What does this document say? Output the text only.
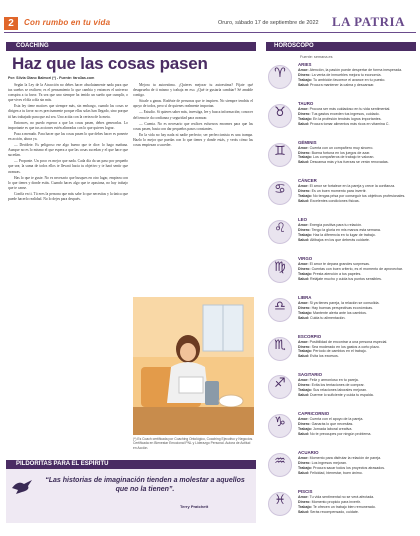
2	Con rumbo en tu vida	Oruro, sábado 17 de septiembre de 2022 LA PATRIA
COACHING
Haz que las cosas pasen
Por: Silvia Olano Balmori (*) - Fuente: faro3as.com

Según la Ley de la Atracción no debes hacer absolutamente nada para que tus sueños se realicen; es el pensamiento lo que cambia y entonces el universo conspira a tu favor. Ya sea que uno siempre ha tenido un sueño que cumplir, o que vives el día a día sin más.

Esta ley tiene matices que siempre más, sin embargo, cuando las cosas se dirigen a tu favor no es precisamente porque ellas solas han llegado, sino porque tú has trabajado para que así sea. Uno actúa con la certeza de la meta.

Entonces, no puedo esperar a que las cosas pasen, debes generarlas. Lo importante es que tus acciones estén alineadas con lo que quieres lograr.

Pasa a menudo. Para hacer que las cosas pasen lo que debes hacer es ponerte en acción, ahora ya.

— Decídete. Es peligroso ese algo bueno que te dice: lo hago mañana. Aunque no es lo mismo el que espera a que las cosas sucedan y el que hace que sucedan.

— Proponte. Un poco es mejor que nada. Cada día da un paso por pequeño que sea; la suma de todos ellos te llevará hacia tu objetivo y te hará sentir que avanzas.

Has lo que te guste. No es necesario que busques en otro lugar, empieza con lo que tienes y donde estás. Cuando haces algo que te apasiona, no hay trabajo que te canse.

Confía en ti. Tú eres la persona que más sabe lo que necesitas y la única que puede hacerlo realidad. No lo dejes para después.

Mejora tu autoestima. ¿Quieres mejorar tu autoestima? Fíjate qué desaprueba de ti mismo y trabaja en eso. ¿Qué te gustaría cambiar? Sé amable contigo.

Sácale a ganas. Rodéate de personas que te inspiren. No siempre tendrás el apoyo de todos, pero sí de quienes realmente importan.

— Estudio. Si quieres saber más, investiga, lee y busca información; conocer del tema te da confianza y seguridad para avanzar.

— Cuenta. No es necesario que realices esfuerzos enormes para que las cosas pasen, basta con dar pequeños pasos constantes.

En la vida no hay nada ni nadie perfecto; ser perfeccionista es una trampa. Hazlo lo mejor que puedas con lo que tienes y donde estás, y verás cómo las cosas empiezan a suceder.

(*) Es Coach certificada por Coaching Ontológico, Coaching Ejecutivo y Negocios. Certificada en Bienestar Emocional PNL y Liderazgo Personal. Autora de Actitud en Acción.
PILDORITAS PARA EL ESPÍRITU
“Las historias de imaginación tienden a molestar a aquellos que no la tienen”.
Terry Pratchett
HORÓSCOPO
Fuente: semana.es
♈
ARIES
Amor: Atención, la pasión puede despertar de forma inesperada.
Dinero: La venta de inmuebles mejora tu economía.
Trabajo: Tu ambición favorece el avance en tu puesto.
Salud: Procura mantener la calma y descansar.
♉
TAURO
Amor: Procura ser más cuidadoso en tu vida sentimental.
Dinero: Tus gastos exceden tus ingresos, cuidado.
Trabajo: En la profesión tendrás logros importantes.
Salud: Procura tomar alimentos más ricos en vitamina C.
♊
GÉMINIS
Amor: Cuenta con un compañero muy sincero.
Dinero: Buena fortuna en los juegos de azar.
Trabajo: Los compañeros de trabajo te valoran.
Salud: Descansa más y tus fuerzas se verán renovadas.
♋
CÁNCER
Amor: El amor se fortalece en la pareja y crece la confianza.
Dinero: Es un buen momento para invertir.
Trabajo: No tengas prisa por conseguir tus objetivos profesionales.
Salud: Excelentes condiciones físicas.
♌
LEO
Amor: Energía positiva para tu relación.
Dinero: Tengo la gloria en mis manos esta semana.
Trabajo: Haz la diferencia en tu lugar de trabajo.
Salud: Altibajos en los que deberás cuidarte.
♍
VIRGO
Amor: El amor te depara grandes sorpresas.
Dinero: Cuentas con buen criterio, es el momento de aprovechar.
Trabajo: Presta atención a tus papeles.
Salud: Relájate mucho y cuida tus puntos sensibles.
♎
LIBRA
Amor: Si ya tienes pareja, la relación se consolida.
Dinero: Hay buenas perspectivas económicas.
Trabajo: Mantente alerta ante los cambios.
Salud: Cuida tu alimentación.
♏
ESCORPIO
Amor: Posibilidad de encontrar a una persona especial.
Dinero: Sea moderado en los gastos a corto plazo.
Trabajo: Período de cambios en el trabajo.
Salud: Evita los excesos.
♐
SAGITARIO
Amor: Feliz y armonioso en tu pareja.
Dinero: Evita los tentaciones de comprar.
Trabajo: Sus relaciones laborales mejoran.
Salud: Duerme lo suficiente y cuida tu espalda.
♑
CAPRICORNIO
Amor: Cuenta con el apoyo de la pareja.
Dinero: Ganarás lo que necesitas.
Trabajo: Jornada laboral creativa.
Salud: No te preocupes por ningún problema.
♒
ACUARIO
Amor: Momento para disfrutar la relación de pareja.
Dinero: Los ingresos mejoran.
Trabajo: Procura sacar todos los proyectos atrasados.
Salud: Felicidad, bienestar, buen ánimo.
♓
PISCIS
Amor: Tu vida sentimental no se verá afectada.
Dinero: Momento propicio para invertir.
Trabajo: Te ofrecen un trabajo bien remunerado.
Salud: Serás recompensado, cuídate.
